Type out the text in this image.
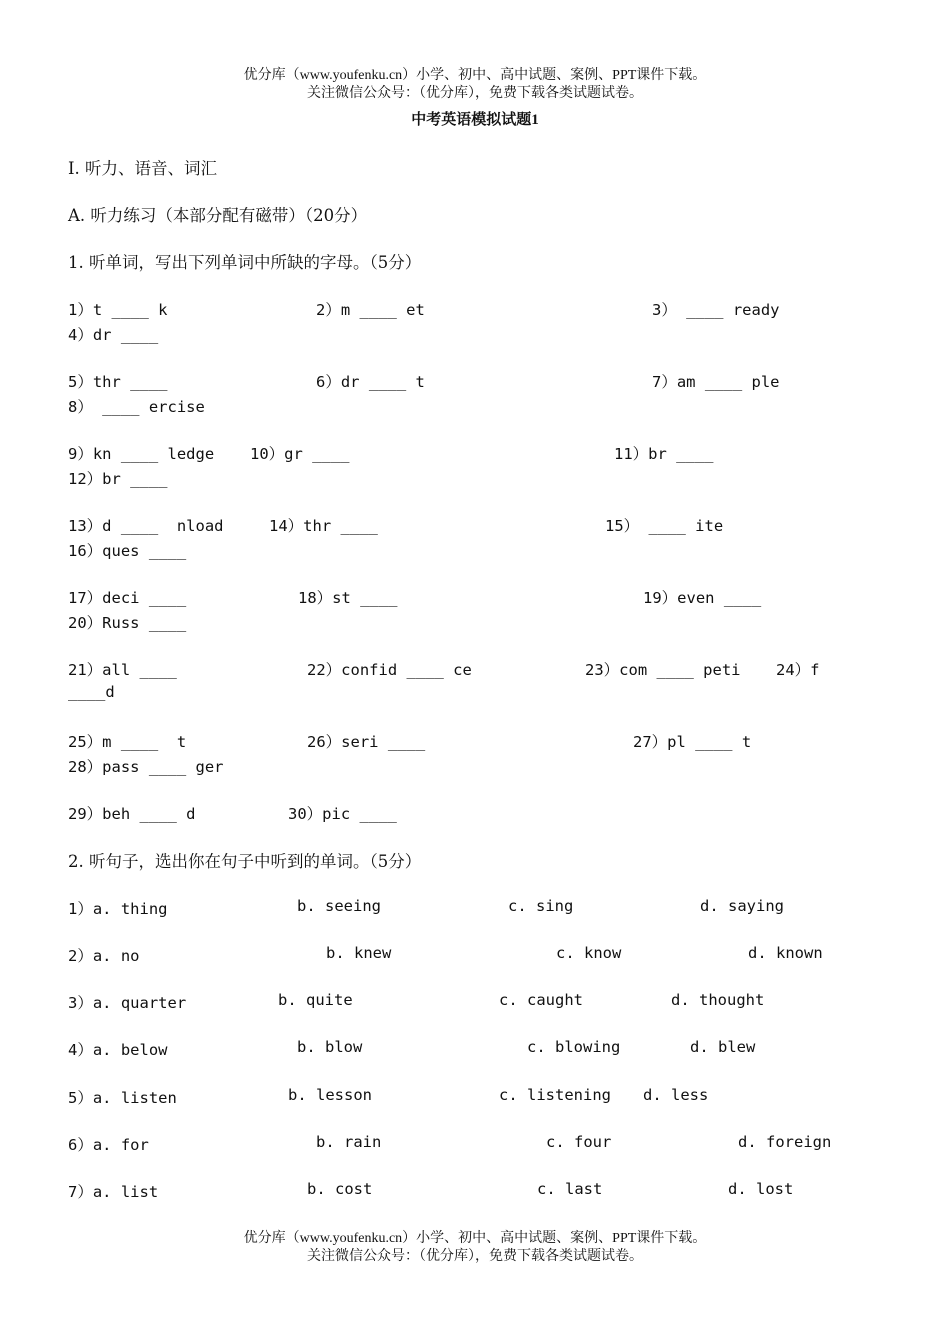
优分库（www.youfenku.cn）小学、初中、高中试题、案例、PPT课件下载。
关注微信公众号：（优分库），免费下载各类试题试卷。
中考英语模拟试题1
I. 听力、语音、词汇
A. 听力练习（本部分配有磁带）（20分）
1. 听单词，写出下列单词中所缺的字母。（5分）
1）t ____ k	2）m ____ et	3） ____ ready
4）dr ____
5）thr ____	6）dr ____ t	7）am ____ ple
8） ____ ercise
9）kn ____ ledge 10）gr ____	11）br ____
12）br ____
13）d ____  nload	14）thr ____	15） ____ ite
16）ques ____
17）deci ____	18）st ____	19）even ____
20）Russ ____
21）all ____	22）confid ____ ce	23）com ____ peti 24）f
____d
25）m ____  t	26）seri ____	27）pl ____ t
28）pass ____ ger
29）beh ____ d	30）pic ____
2. 听句子，选出你在句子中听到的单词。（5分）
1）a. thing	b. seeing	c. sing	d. saying
2）a. no	b. knew	c. know	d. known
3）a. quarter	b. quite	c. caught	d. thought
4）a. below	b. blow	c. blowing	d. blew
5）a. listen	b. lesson	c. listening d. less
6）a. for	b. rain	c. four	d. foreign
7）a. list	b. cost	c. last	d. lost
优分库（www.youfenku.cn）小学、初中、高中试题、案例、PPT课件下载。
关注微信公众号：（优分库），免费下载各类试题试卷。
